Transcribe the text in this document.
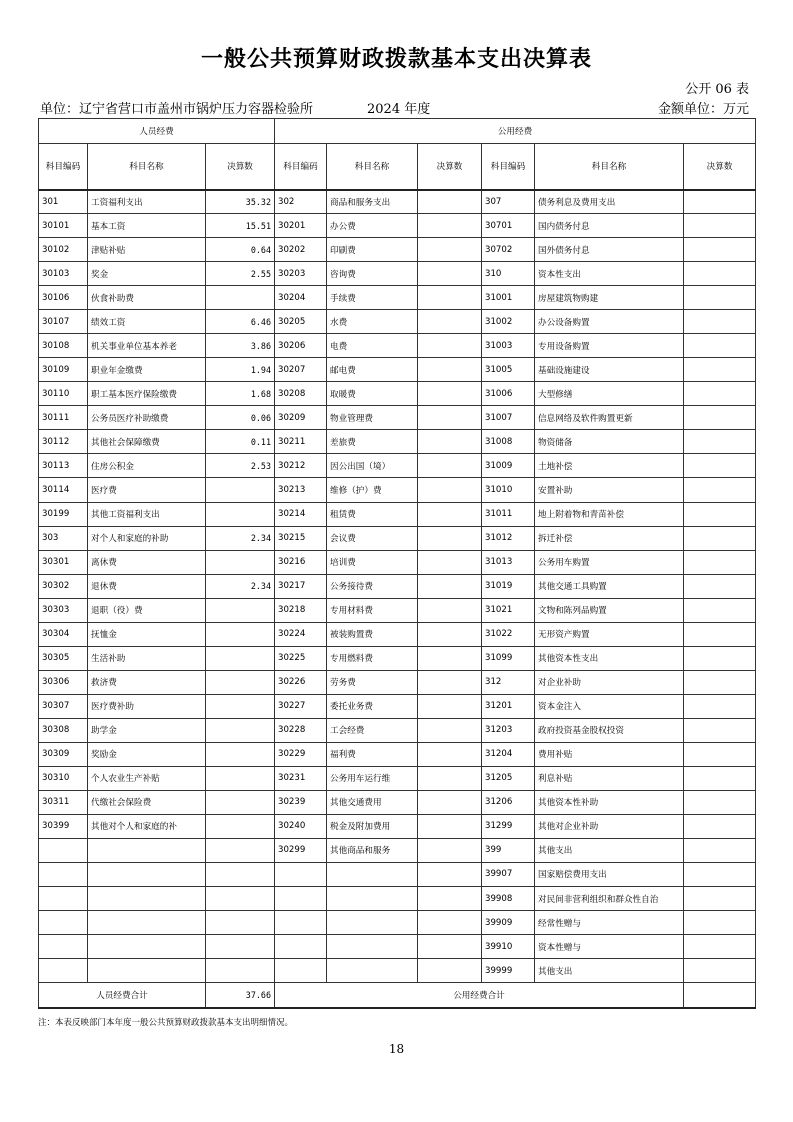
一般公共预算财政拨款基本支出决算表
公开 06 表
单位：辽宁省营口市盖州市锅炉压力容器检验所	2024 年度	金额单位：万元
人员经费			公用经费					
科目编码	科目名称	决算数	科目编码	科目名称	决算数	科目编码	科目名称	决算数
301	工资福利支出	35.32	302	商品和服务支出		307	债务利息及费用支出	
30101	基本工资	15.51	30201	办公费		30701	国内债务付息	
30102	津贴补贴	0.64	30202	印刷费		30702	国外债务付息	
30103	奖金	2.55	30203	咨询费		310	资本性支出	
30106	伙食补助费		30204	手续费		31001	房屋建筑物购建	
30107	绩效工资	6.46	30205	水费		31002	办公设备购置	
30108	机关事业单位基本养老	3.86	30206	电费		31003	专用设备购置	
30109	职业年金缴费	1.94	30207	邮电费		31005	基础设施建设	
30110	职工基本医疗保险缴费	1.68	30208	取暖费		31006	大型修缮	
30111	公务员医疗补助缴费	0.06	30209	物业管理费		31007	信息网络及软件购置更新	
30112	其他社会保障缴费	0.11	30211	差旅费		31008	物资储备	
30113	住房公积金	2.53	30212	因公出国（境）		31009	土地补偿	
30114	医疗费		30213	维修（护）费		31010	安置补助	
30199	其他工资福利支出		30214	租赁费		31011	地上附着物和青苗补偿	
303	对个人和家庭的补助	2.34	30215	会议费		31012	拆迁补偿	
30301	离休费		30216	培训费		31013	公务用车购置	
30302	退休费	2.34	30217	公务接待费		31019	其他交通工具购置	
30303	退职（役）费		30218	专用材料费		31021	文物和陈列品购置	
30304	抚恤金		30224	被装购置费		31022	无形资产购置	
30305	生活补助		30225	专用燃料费		31099	其他资本性支出	
30306	救济费		30226	劳务费		312	对企业补助	
30307	医疗费补助		30227	委托业务费		31201	资本金注入	
30308	助学金		30228	工会经费		31203	政府投资基金股权投资	
30309	奖励金		30229	福利费		31204	费用补贴	
30310	个人农业生产补贴		30231	公务用车运行维		31205	利息补贴	
30311	代缴社会保险费		30239	其他交通费用		31206	其他资本性补助	
30399	其他对个人和家庭的补		30240	税金及附加费用		31299	其他对企业补助	
			30299	其他商品和服务		399	其他支出	
						39907	国家赔偿费用支出	
						39908	对民间非营利组织和群众性自治	
						39909	经常性赠与	
						39910	资本性赠与	
						39999	其他支出	
人员经费合计		37.66	公用经费合计					
注：本表反映部门本年度一般公共预算财政拨款基本支出明细情况。
18
